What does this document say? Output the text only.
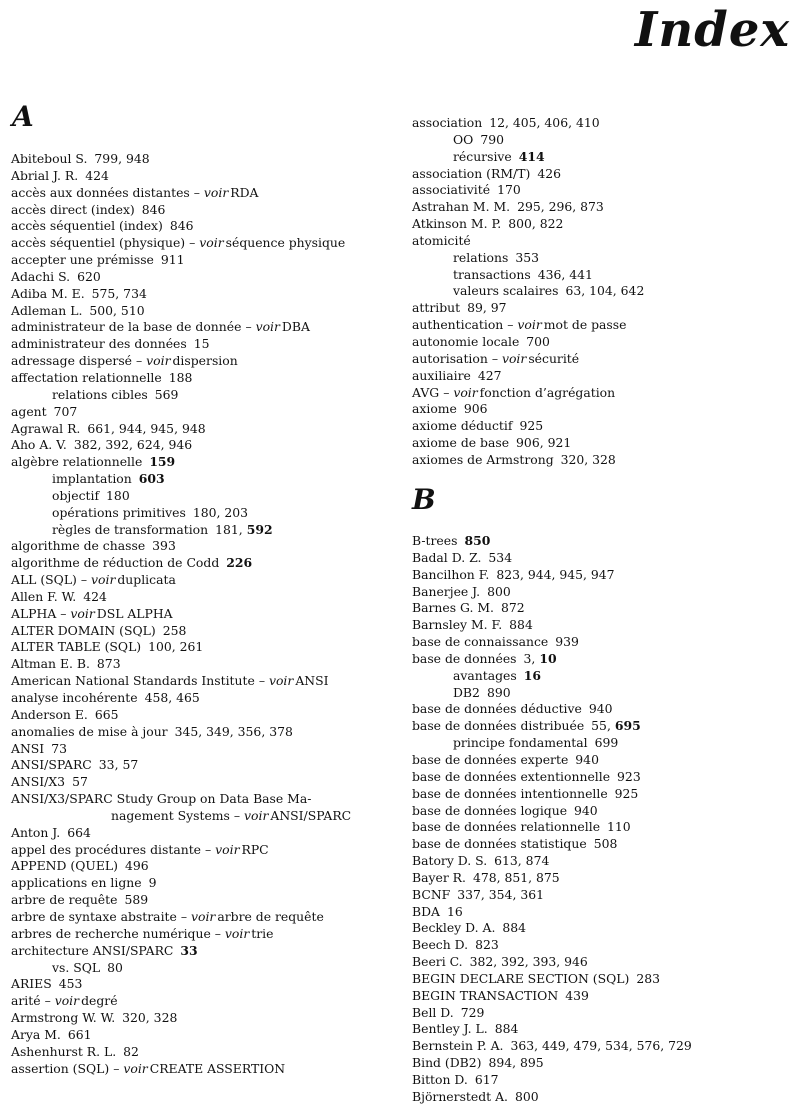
Index
A
Abiteboul S. 799, 948
Abrial J. R. 424
accès aux données distantes – voir RDA
accès direct (index) 846
accès séquentiel (index) 846
accès séquentiel (physique) – voir séquence physique
accepter une prémisse 911
Adachi S. 620
Adiba M. E. 575, 734
Adleman L. 500, 510
administrateur de la base de donnée – voir DBA
administrateur des données 15
adressage dispersé – voir dispersion
affectation relationnelle 188
relations cibles 569
agent 707
Agrawal R. 661, 944, 945, 948
Aho A. V. 382, 392, 624, 946
algèbre relationnelle 159
implantation 603
objectif 180
opérations primitives 180, 203
règles de transformation 181, 592
algorithme de chasse 393
algorithme de réduction de Codd 226
ALL (SQL) – voir duplicata
Allen F. W. 424
ALPHA – voir DSL ALPHA
ALTER DOMAIN (SQL) 258
ALTER TABLE (SQL) 100, 261
Altman E. B. 873
American National Standards Institute – voir ANSI
analyse incohérente 458, 465
Anderson E. 665
anomalies de mise à jour 345, 349, 356, 378
ANSI 73
ANSI/SPARC 33, 57
ANSI/X3 57
ANSI/X3/SPARC Study Group on Data Base Ma-
nagement Systems – voir ANSI/SPARC
Anton J. 664
appel des procédures distante – voir RPC
APPEND (QUEL) 496
applications en ligne 9
arbre de requête 589
arbre de syntaxe abstraite – voir arbre de requête
arbres de recherche numérique – voir trie
architecture ANSI/SPARC 33
vs. SQL 80
ARIES 453
arité – voir degré
Armstrong W. W. 320, 328
Arya M. 661
Ashenhurst R. L. 82
assertion (SQL) – voir CREATE ASSERTION
association 12, 405, 406, 410
OO 790
récursive 414
association (RM/T) 426
associativité 170
Astrahan M. M. 295, 296, 873
Atkinson M. P. 800, 822
atomicité
relations 353
transactions 436, 441
valeurs scalaires 63, 104, 642
attribut 89, 97
authentication – voir mot de passe
autonomie locale 700
autorisation – voir sécurité
auxiliaire 427
AVG – voir fonction d’agrégation
axiome 906
axiome déductif 925
axiome de base 906, 921
axiomes de Armstrong 320, 328
B-trees 850
Badal D. Z. 534
Bancilhon F. 823, 944, 945, 947
Banerjee J. 800
Barnes G. M. 872
Barnsley M. F. 884
base de connaissance 939
base de données 3, 10
avantages 16
DB2 890
base de données déductive 940
base de données distribuée 55, 695
principe fondamental 699
base de données experte 940
base de données extentionnelle 923
base de données intentionnelle 925
base de données logique 940
base de données relationnelle 110
base de données statistique 508
Batory D. S. 613, 874
Bayer R. 478, 851, 875
BCNF 337, 354, 361
BDA 16
Beckley D. A. 884
Beech D. 823
Beeri C. 382, 392, 393, 946
BEGIN DECLARE SECTION (SQL) 283
BEGIN TRANSACTION 439
Bell D. 729
Bentley J. L. 884
Bernstein P. A. 363, 449, 479, 534, 576, 729
Bind (DB2) 894, 895
Bitton D. 617
Björnerstedt A. 800
B
